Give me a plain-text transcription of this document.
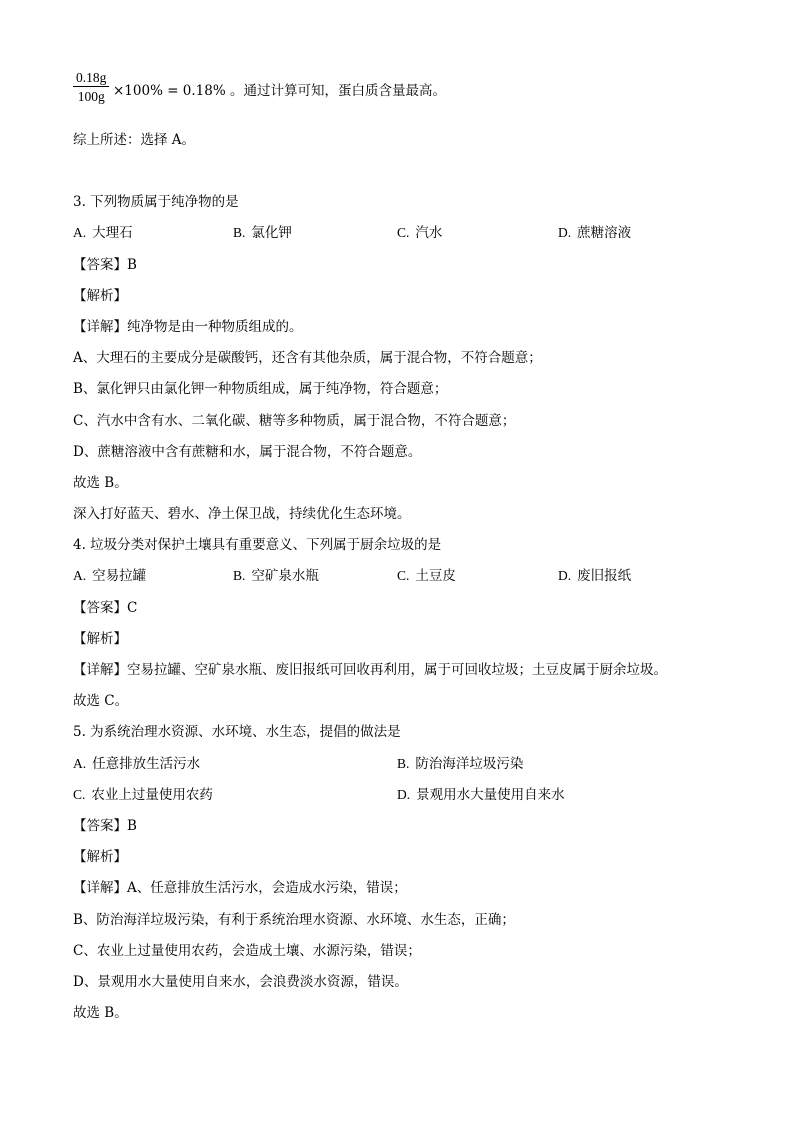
$\frac{0.18g}{100g} \times 100\% = 0.18\%$ 。通过计算可知，蛋白质含量最高。
综上所述：选择 A。
3. 下列物质属于纯净物的是
A. 大理石	B. 氯化钾	C. 汽水	D. 蔗糖溶液
【答案】B
【解析】
【详解】纯净物是由一种物质组成的。
A、大理石的主要成分是碳酸钙，还含有其他杂质，属于混合物，不符合题意；
B、氯化钾只由氯化钾一种物质组成，属于纯净物，符合题意；
C、汽水中含有水、二氧化碳、糖等多种物质，属于混合物，不符合题意；
D、蔗糖溶液中含有蔗糖和水，属于混合物，不符合题意。
故选 B。
深入打好蓝天、碧水、净土保卫战，持续优化生态环境。
4. 垃圾分类对保护土壤具有重要意义、下列属于厨余垃圾的是
A. 空易拉罐	B. 空矿泉水瓶	C. 土豆皮	D. 废旧报纸
【答案】C
【解析】
【详解】空易拉罐、空矿泉水瓶、废旧报纸可回收再利用，属于可回收垃圾；土豆皮属于厨余垃圾。
故选 C。
5. 为系统治理水资源、水环境、水生态，提倡的做法是
A. 任意排放生活污水	B. 防治海洋垃圾污染
C. 农业上过量使用农药	D. 景观用水大量使用自来水
【答案】B
【解析】
【详解】A、任意排放生活污水，会造成水污染，错误；
B、防治海洋垃圾污染，有利于系统治理水资源、水环境、水生态，正确；
C、农业上过量使用农药，会造成土壤、水源污染，错误；
D、景观用水大量使用自来水，会浪费淡水资源，错误。
故选 B。
